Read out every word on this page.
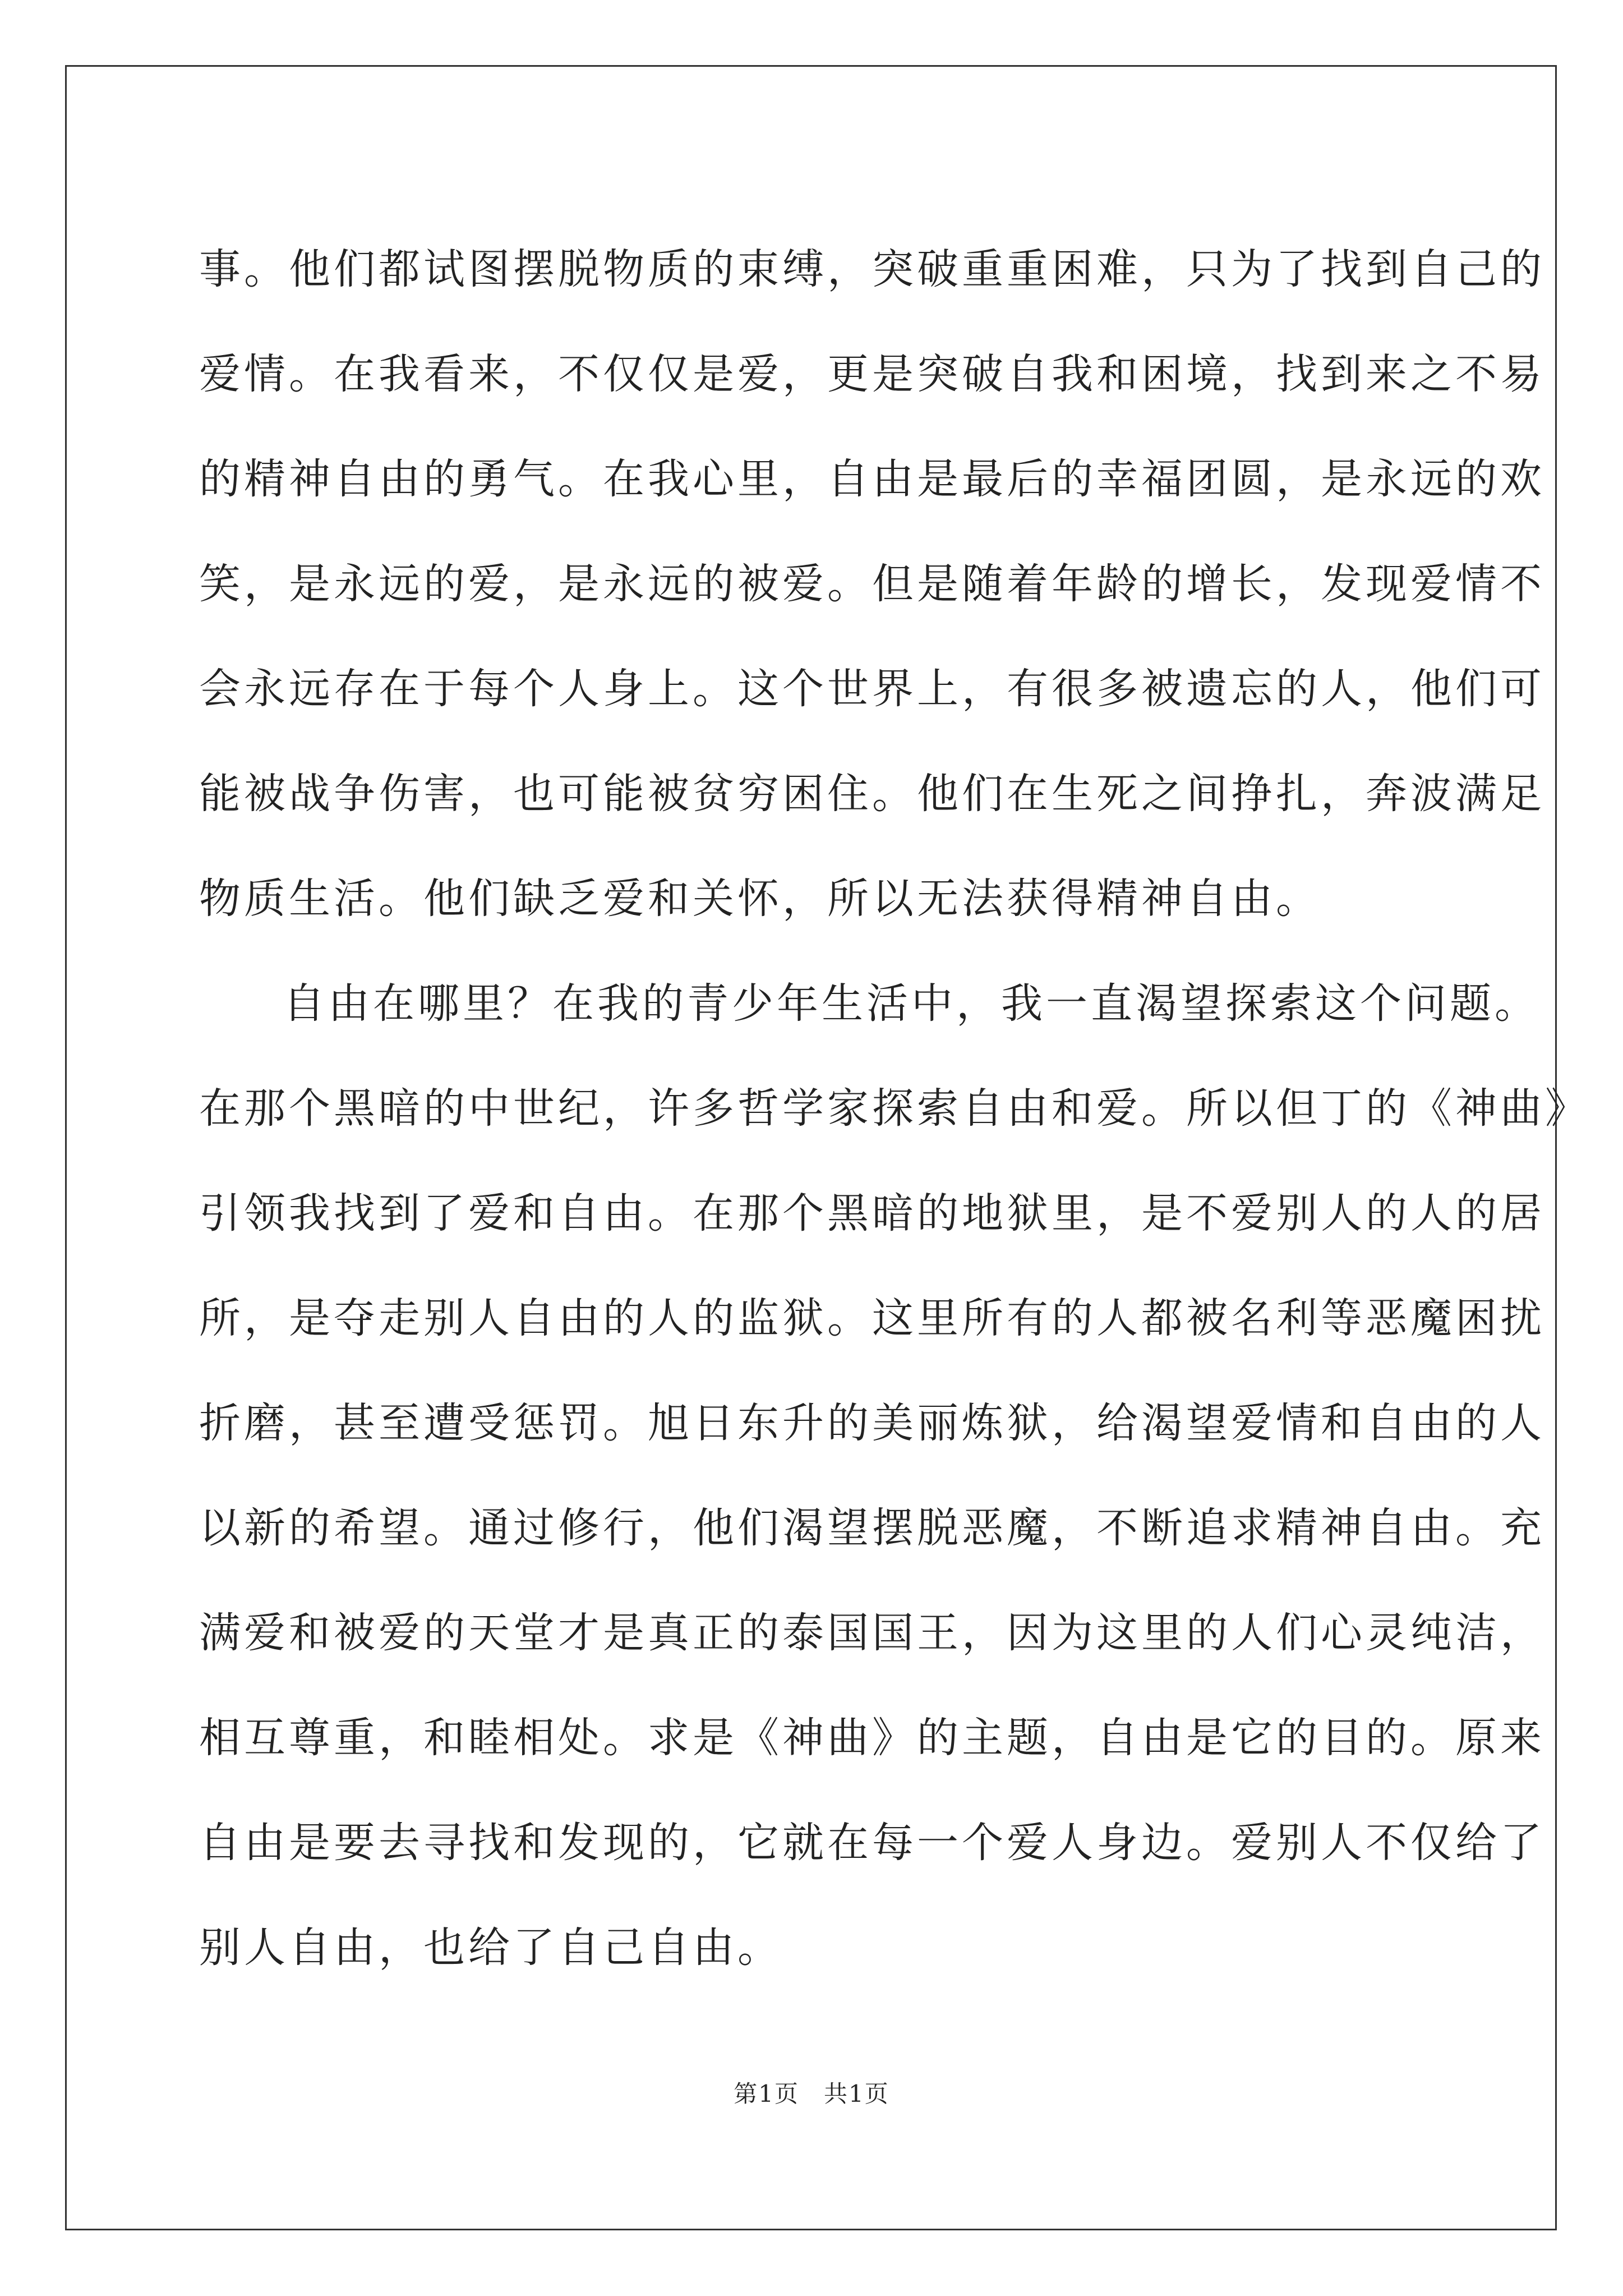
事。他们都试图摆脱物质的束缚，突破重重困难，只为了找到自己的
爱情。在我看来，不仅仅是爱，更是突破自我和困境，找到来之不易
的精神自由的勇气。在我心里，自由是最后的幸福团圆，是永远的欢
笑，是永远的爱，是永远的被爱。但是随着年龄的增长，发现爱情不
会永远存在于每个人身上。这个世界上，有很多被遗忘的人，他们可
能被战争伤害，也可能被贫穷困住。他们在生死之间挣扎，奔波满足
物质生活。他们缺乏爱和关怀，所以无法获得精神自由。
自由在哪里？在我的青少年生活中，我一直渴望探索这个问题。
在那个黑暗的中世纪，许多哲学家探索自由和爱。所以但丁的《神曲》
引领我找到了爱和自由。在那个黑暗的地狱里，是不爱别人的人的居
所，是夺走别人自由的人的监狱。这里所有的人都被名利等恶魔困扰
折磨，甚至遭受惩罚。旭日东升的美丽炼狱，给渴望爱情和自由的人
以新的希望。通过修行，他们渴望摆脱恶魔，不断追求精神自由。充
满爱和被爱的天堂才是真正的泰国国王，因为这里的人们心灵纯洁，
相互尊重，和睦相处。求是《神曲》的主题，自由是它的目的。原来
自由是要去寻找和发现的，它就在每一个爱人身边。爱别人不仅给了
别人自由，也给了自己自由。
第1页　共1页
